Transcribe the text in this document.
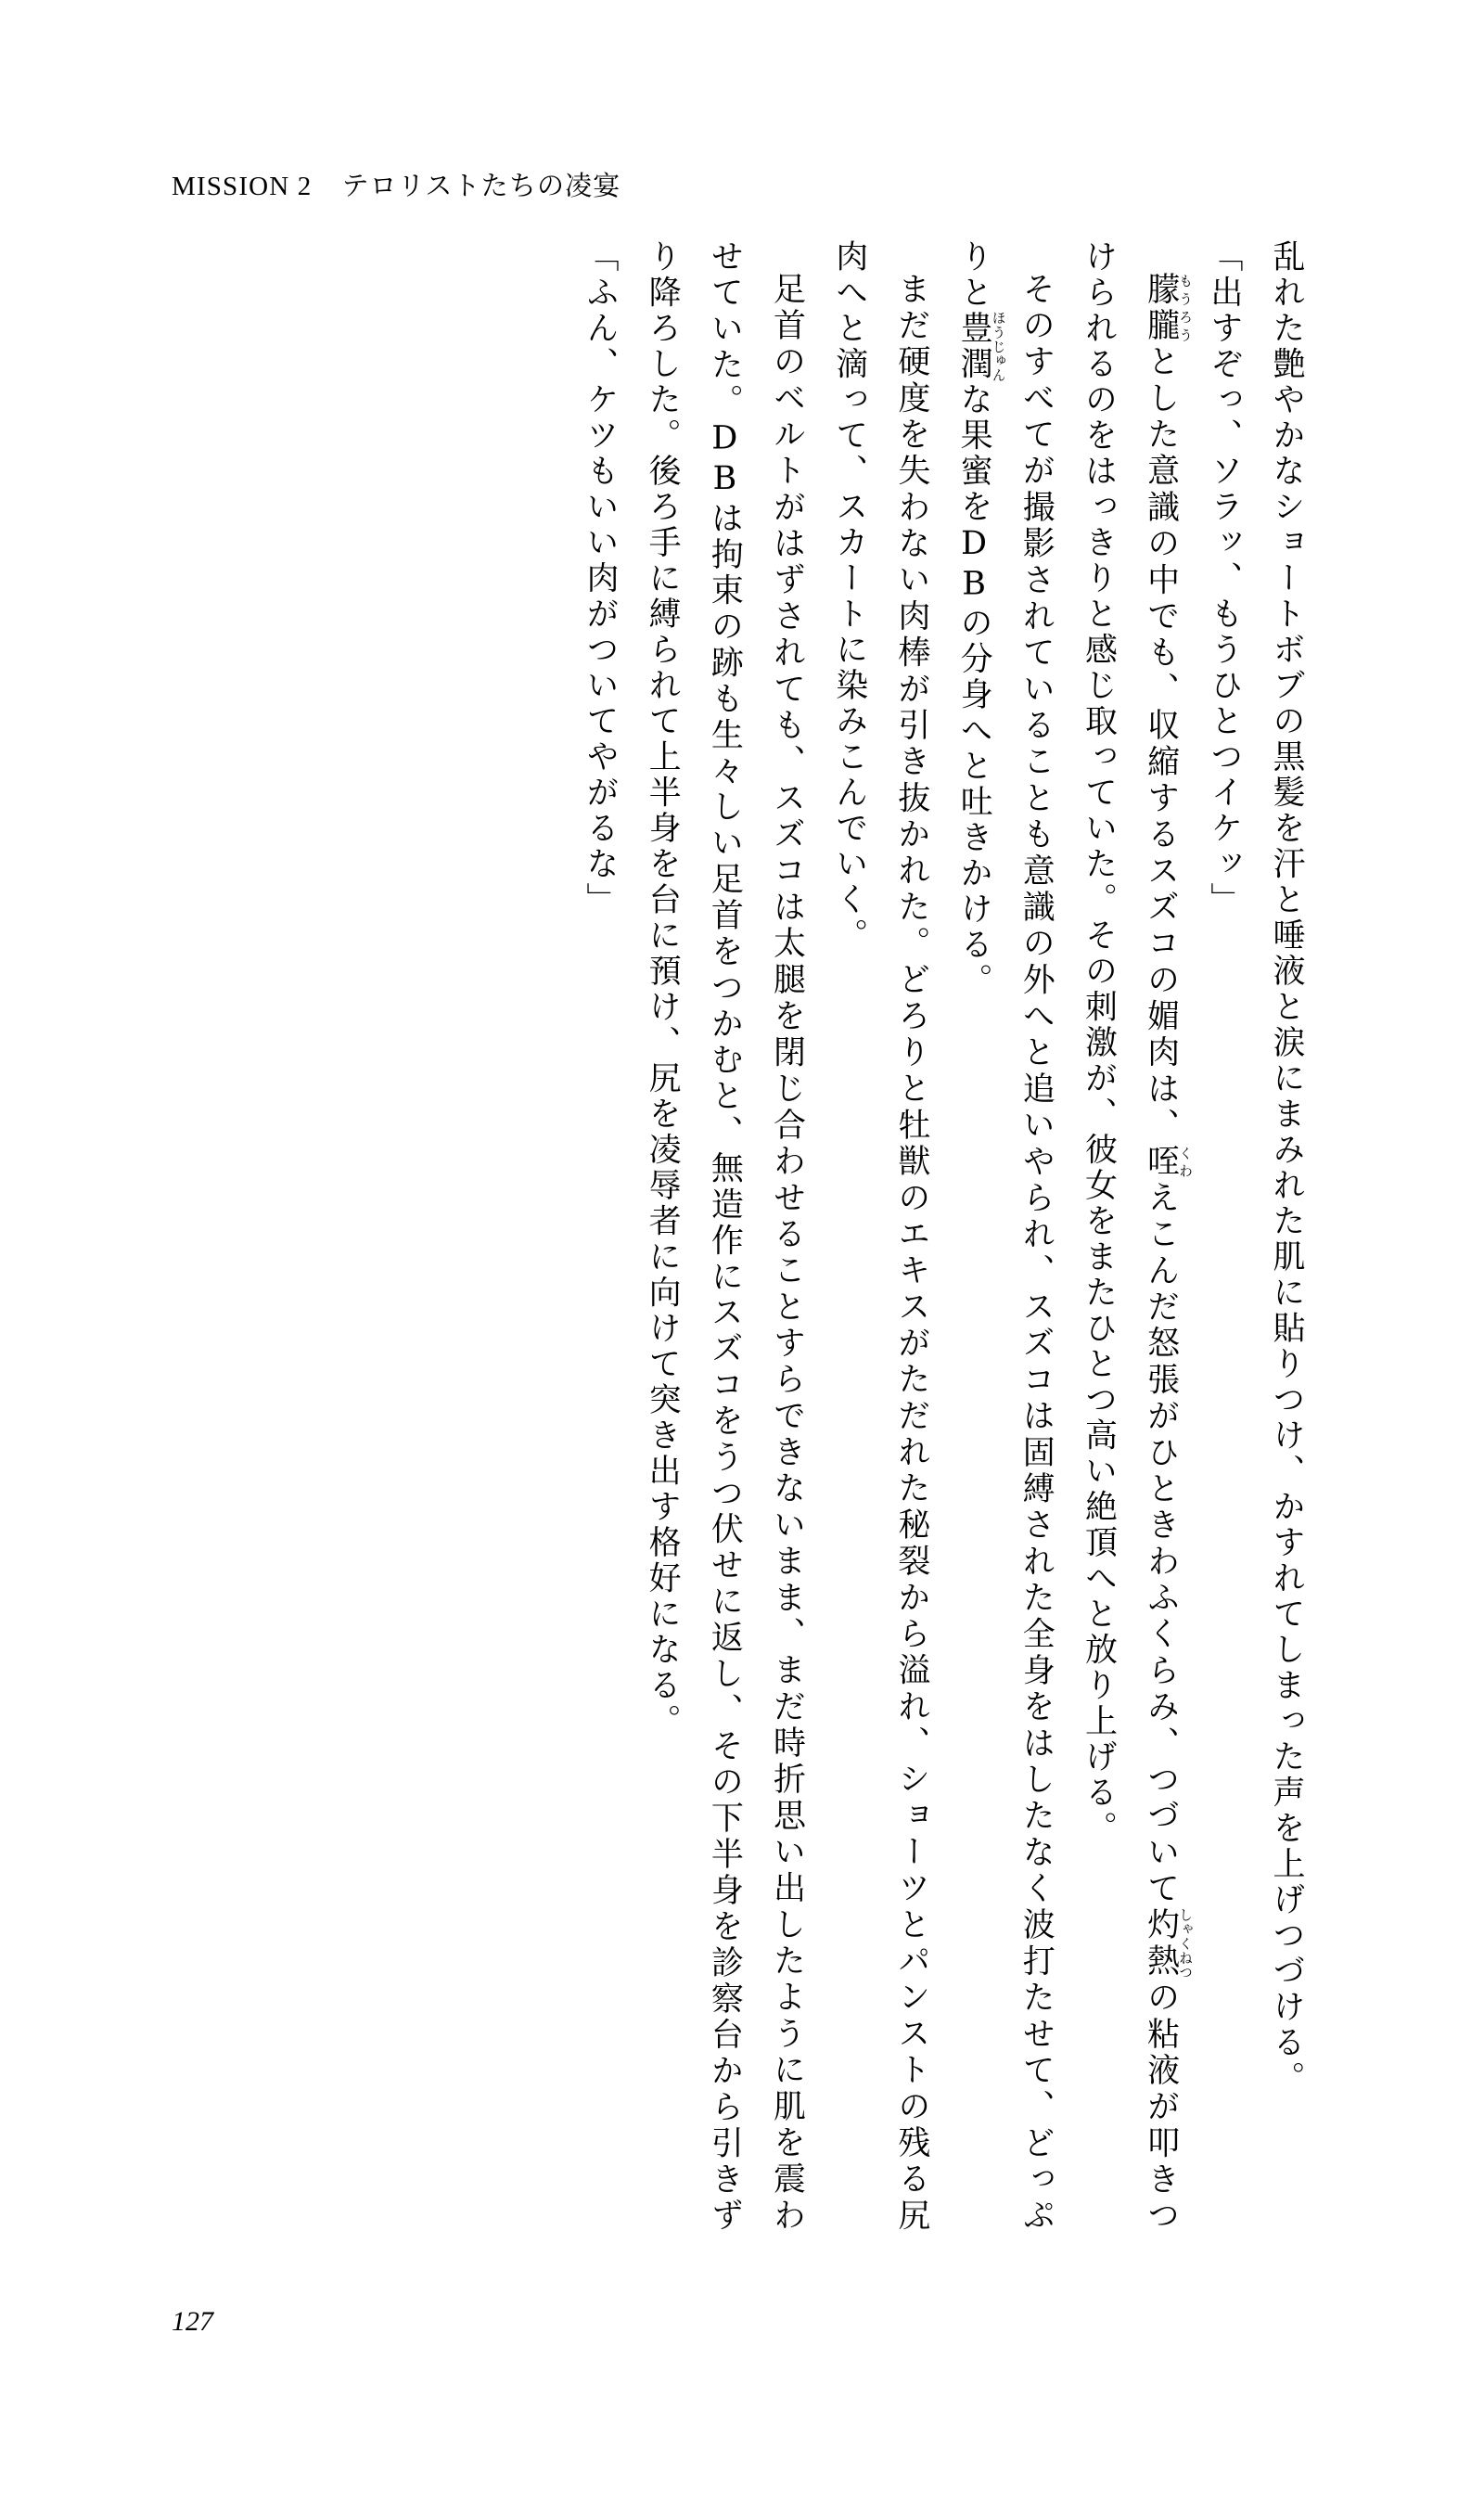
MISSION 2 テロリストたちの凌宴

乱れた艶やかなショートボブの黒髪を汗と唾液と涙にまみれた肌に貼りつけ、かすれてしまった声を上げつづける。

「出すぞっ、ソラッ、もうひとつイケッ」

朦朧もうろうとした意識の中でも、収縮するスズコの媚肉は、咥くわえこんだ怒張がひときわふくらみ、つづいて灼熱しゃくねつの粘液が叩きつけられるのをはっきりと感じ取っていた。その刺激が、彼女をまたひとつ高い絶頂へと放り上げる。

そのすべてが撮影されていることも意識の外へと追いやられ、スズコは固縛された全身をはしたなく波打たせて、どっぷりと豊潤ほうじゅんな果蜜をDBの分身へと吐きかける。

まだ硬度を失わない肉棒が引き抜かれた。どろりと牡獣のエキスがただれた秘裂から溢れ、ショーツとパンストの残る尻肉へと滴って、スカートに染みこんでいく。

足首のベルトがはずされても、スズコは太腿を閉じ合わせることすらできないまま、まだ時折思い出したように肌を震わせていた。DBは拘束の跡も生々しい足首をつかむと、無造作にスズコをうつ伏せに返し、その下半身を診察台から引きずり降ろした。後ろ手に縛られて上半身を台に預け、尻を凌辱者に向けて突き出す格好になる。

「ふん、ケツもいい肉がついてやがるな」

127
